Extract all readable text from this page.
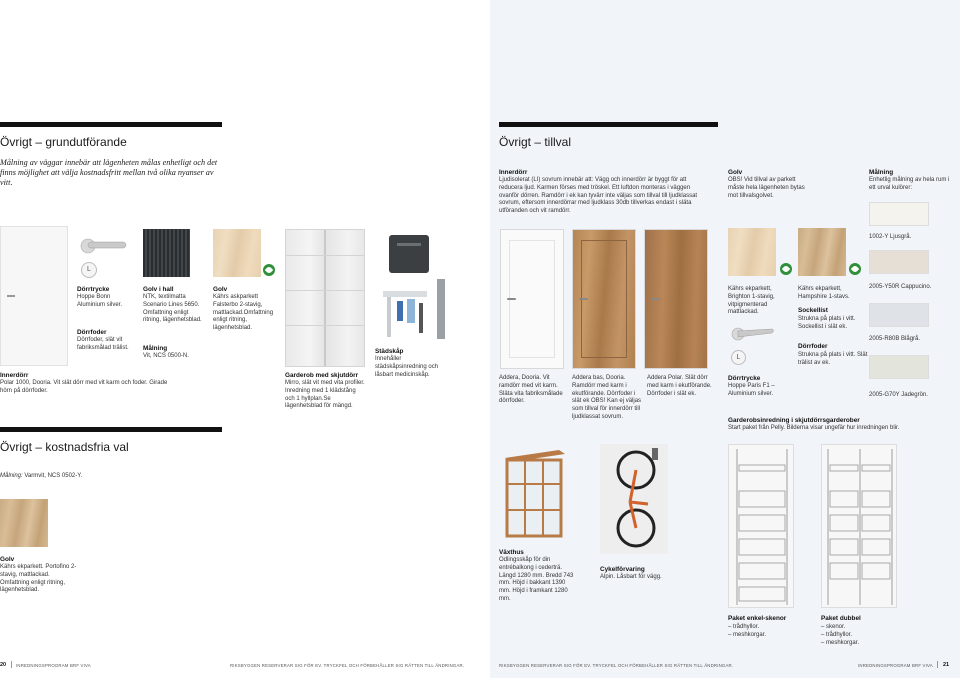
Övrigt – grundutförande
Målning av väggar innebär att lägenheten målas enhetligt och det finns möjlighet att välja kostnadsfritt mellan två olika nyanser av vitt.
L
Dörrtrycke
Hoppe Bonn Aluminium silver.
Dörrfoder
Dörrfoder, slät vit fabriksmålad trälist.
Golv i hall
NTK, textilmatta Scenario Lines 5650. Omfattning enligt ritning, lägenhetsblad.
Målning
Vit, NCS 0500-N.
Golv
Kährs askparkett Falsterbo 2-stavig, mattlackad.Omfattning enligt ritning, lägenhetsblad.
Garderob med skjutdörr
Mirro, slät vit med vita profiler. Inredning med 1 klädstång och 1 hyllplan.Se lägenhetsblad för mängd.
Städskåp
Innehåller städskåpsinredning och låsbart medicinskåp.
Innerdörr
Polar 1000, Dooria. Vit slät dörr med vit karm och foder. Girade hörn på dörrfoder.
Övrigt – kostnadsfria val
Målning: Varmvit, NCS 0502-Y.
Golv
Kährs ekparkett. Portofino 2-stavig, mattlackad. Omfattning enligt ritning, lägenhetsblad.
20 INREDNINGSPROGRAM BRF VIVA	RIKSBYGGEN RESERVERAR SIG FÖR EV. TRYCKFEL OCH FÖRBEHÅLLER SIG RÄTTEN TILL ÄNDRINGAR.
Övrigt – tillval
Innerdörr
Ljudisolerat (LI) sovrum innebär att: Vägg och innerdörr är byggt för att reducera ljud. Karmen förses med tröskel. Ett luftdon monteras i väggen ovanför dörren. Ramdörr i ek kan tyvärr inte väljas som tillval till ljudklassat sovrum, eftersom innerdörrar med ljudklass 30db tillverkas endast i släta utföranden och vit ramdörr.
Golv
OBS! Vid tillval av parkett måste hela lägenheten bytas mot tillvalsgolvet.
Målning
Enhetlig målning av hela rum i ett urval kulörer:
1002-Y Ljusgrå.
2005-Y50R Cappucino.
2005-R80B Blågrå.
2005-G70Y Jadegrön.
Addera, Dooria. Vit ramdörr med vit karm. Släta vita fabriksmålade dörrfoder.
Addera bas, Dooria. Ramdörr med karm i ekutförande. Dörrfoder i slät ek OBS! Kan ej väljas som tillval för innerdörr till ljudklassat sovrum.
Addera Polar. Slät dörr med karm i ekutförande. Dörrfoder i slät ek.
Kährs ekparkett, Brighton 1-stavig, vitpigmenterad mattlackad.
Kährs ekparkett, Hampshire 1-stavs.
Sockellist
Strukna på plats i vitt. Sockellist i slät ek.
Dörrfoder
Strukna på plats i vitt. Slät trälist av ek.
L
Dörrtrycke
Hoppe Paris F1 – Aluminium silver.
Garderobsinredning i skjutdörrsgarderober
Start paket från Pelly. Bilderna visar ungefär hur inredningen blir.
Växthus
Odlingsskåp för din entrébalkong i cederträ. Längd 1280 mm. Bredd 743 mm. Höjd i bakkant 1390 mm. Höjd i framkant 1280 mm.
Cykelförvaring
Alpin. Låsbart för vägg.
Paket enkel-skenor
– trådhyllor.
– meshkorgar.
Paket dubbel
– skenor.
– trådhyllor.
– meshkorgar.
RIKSBYGGEN RESERVERAR SIG FÖR EV. TRYCKFEL OCH FÖRBEHÅLLER SIG RÄTTEN TILL ÄNDRINGAR.	INREDNINGSPROGRAM BRF VIVA 21
